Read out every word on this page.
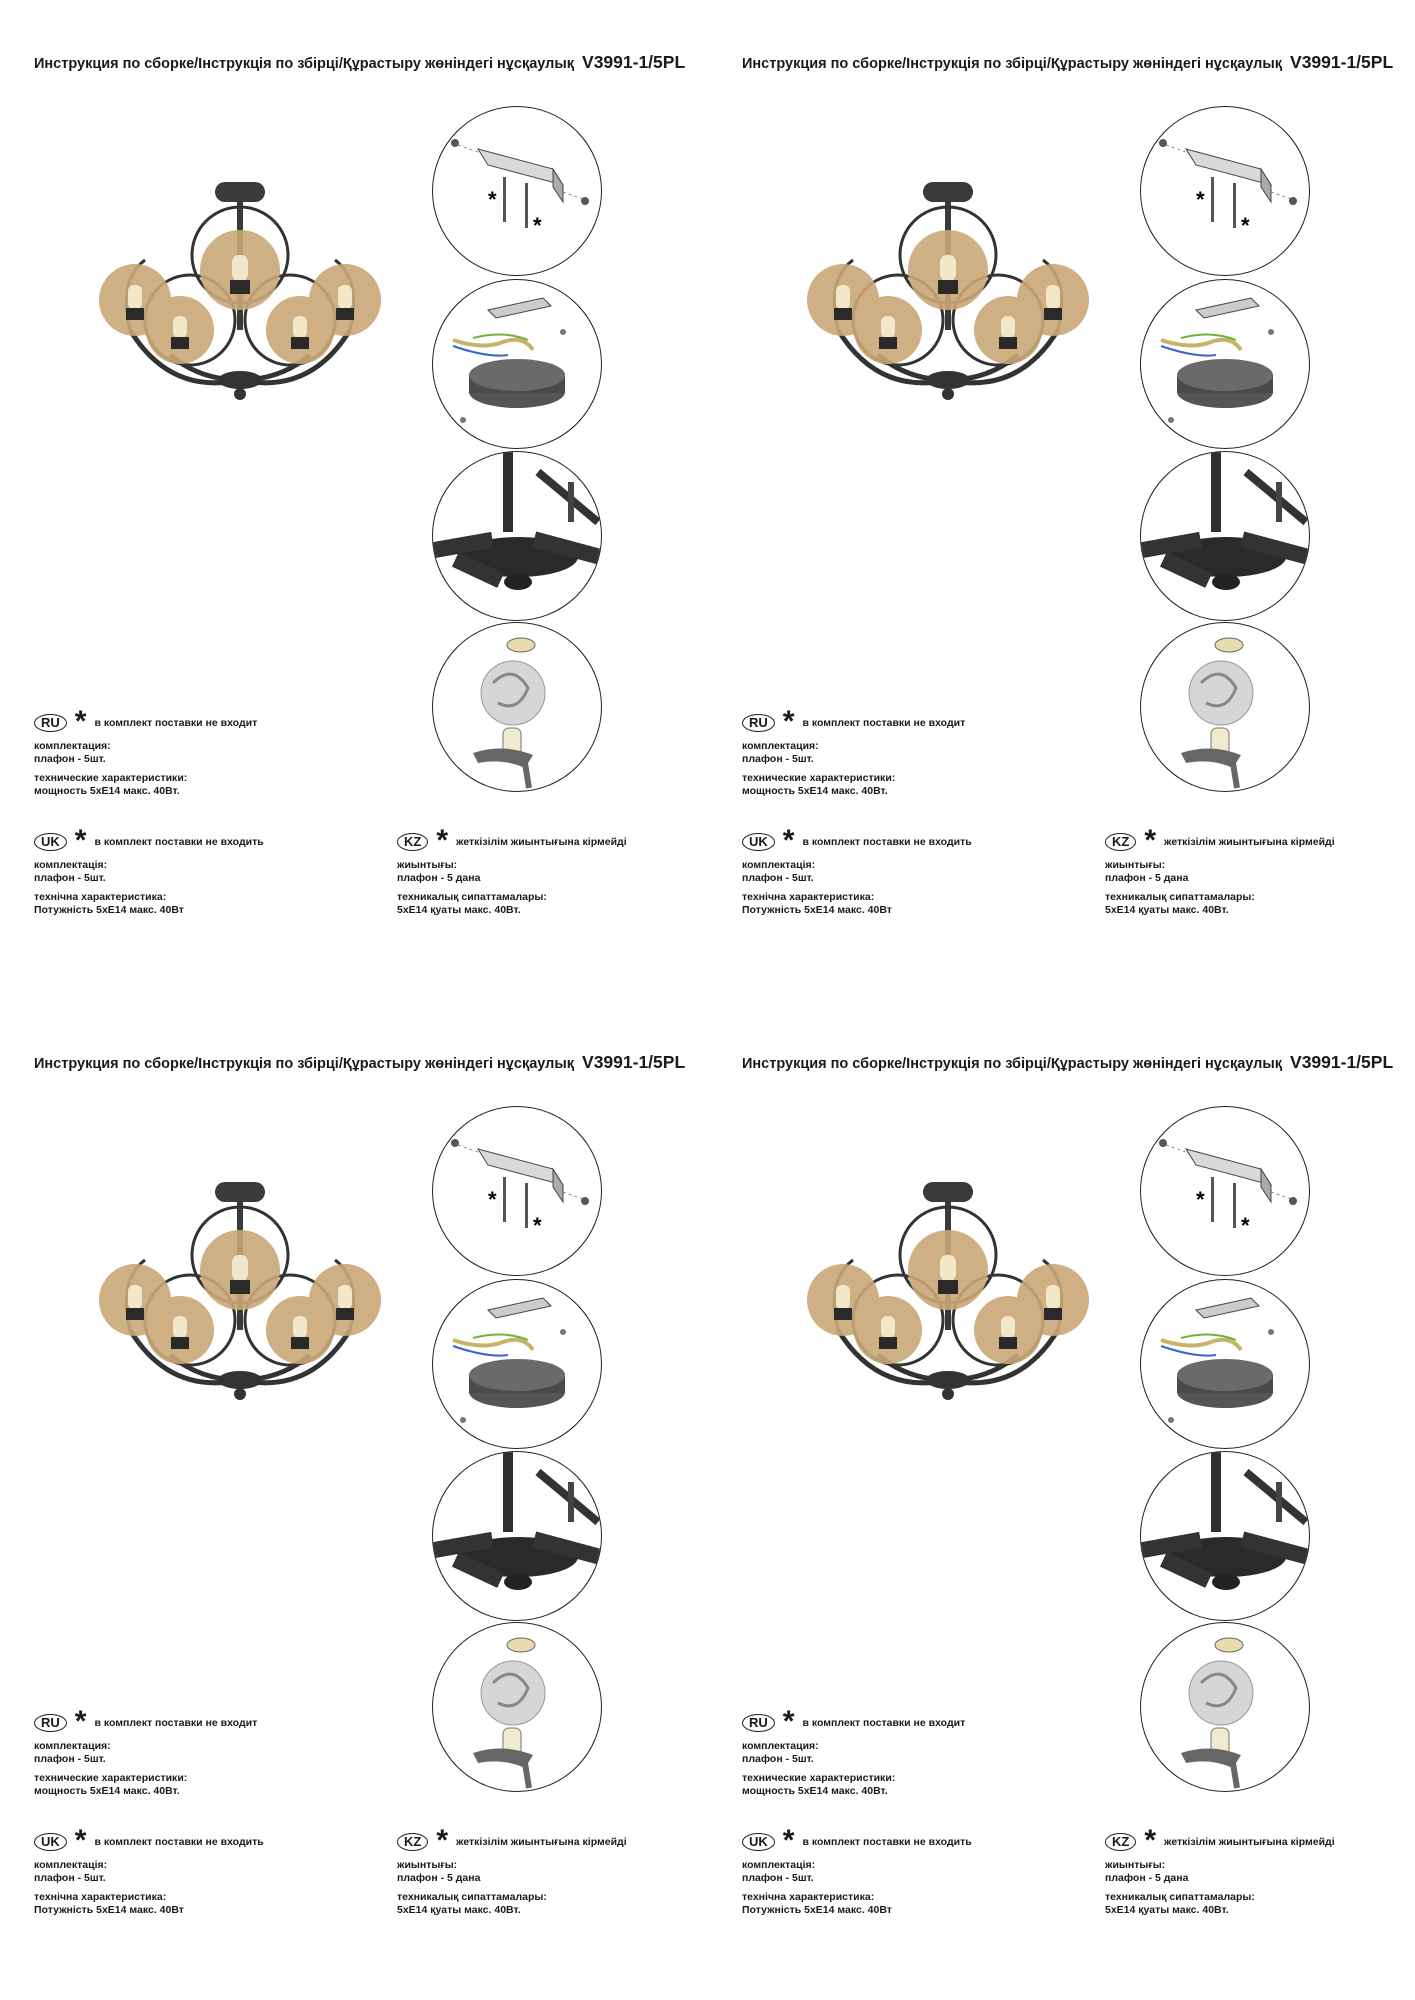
Инструкция по сборке/Інструкція по збірці/Құрастыру жөніндегі нұсқаулық V3991-1/5PL
*
*
RU * в комплект поставки не входит

комплектация:

плафон - 5шт.

технические характеристики:

мощность 5xE14 макс. 40Вт.

UK * в комплект поставки не входить

комплектація:

плафон - 5шт.

технічна характеристика:

Потужність 5xE14 макс. 40Вт

KZ * жеткізілім жиынтығына кірмейді

жиынтығы:

плафон - 5 дана

техникалық сипаттамалары:

5xE14 қуаты макс. 40Вт.

Инструкция по сборке/Інструкція по збірці/Құрастыру жөніндегі нұсқаулық V3991-1/5PL
*
*
RU * в комплект поставки не входит

комплектация:

плафон - 5шт.

технические характеристики:

мощность 5xE14 макс. 40Вт.

UK * в комплект поставки не входить

комплектація:

плафон - 5шт.

технічна характеристика:

Потужність 5xE14 макс. 40Вт

KZ * жеткізілім жиынтығына кірмейді

жиынтығы:

плафон - 5 дана

техникалық сипаттамалары:

5xE14 қуаты макс. 40Вт.

Инструкция по сборке/Інструкція по збірці/Құрастыру жөніндегі нұсқаулық V3991-1/5PL
*
*
RU * в комплект поставки не входит

комплектация:

плафон - 5шт.

технические характеристики:

мощность 5xE14 макс. 40Вт.

UK * в комплект поставки не входить

комплектація:

плафон - 5шт.

технічна характеристика:

Потужність 5xE14 макс. 40Вт

KZ * жеткізілім жиынтығына кірмейді

жиынтығы:

плафон - 5 дана

техникалық сипаттамалары:

5xE14 қуаты макс. 40Вт.

Инструкция по сборке/Інструкція по збірці/Құрастыру жөніндегі нұсқаулық V3991-1/5PL
*
*
RU * в комплект поставки не входит

комплектация:

плафон - 5шт.

технические характеристики:

мощность 5xE14 макс. 40Вт.

UK * в комплект поставки не входить

комплектація:

плафон - 5шт.

технічна характеристика:

Потужність 5xE14 макс. 40Вт

KZ * жеткізілім жиынтығына кірмейді

жиынтығы:

плафон - 5 дана

техникалық сипаттамалары:

5xE14 қуаты макс. 40Вт.
